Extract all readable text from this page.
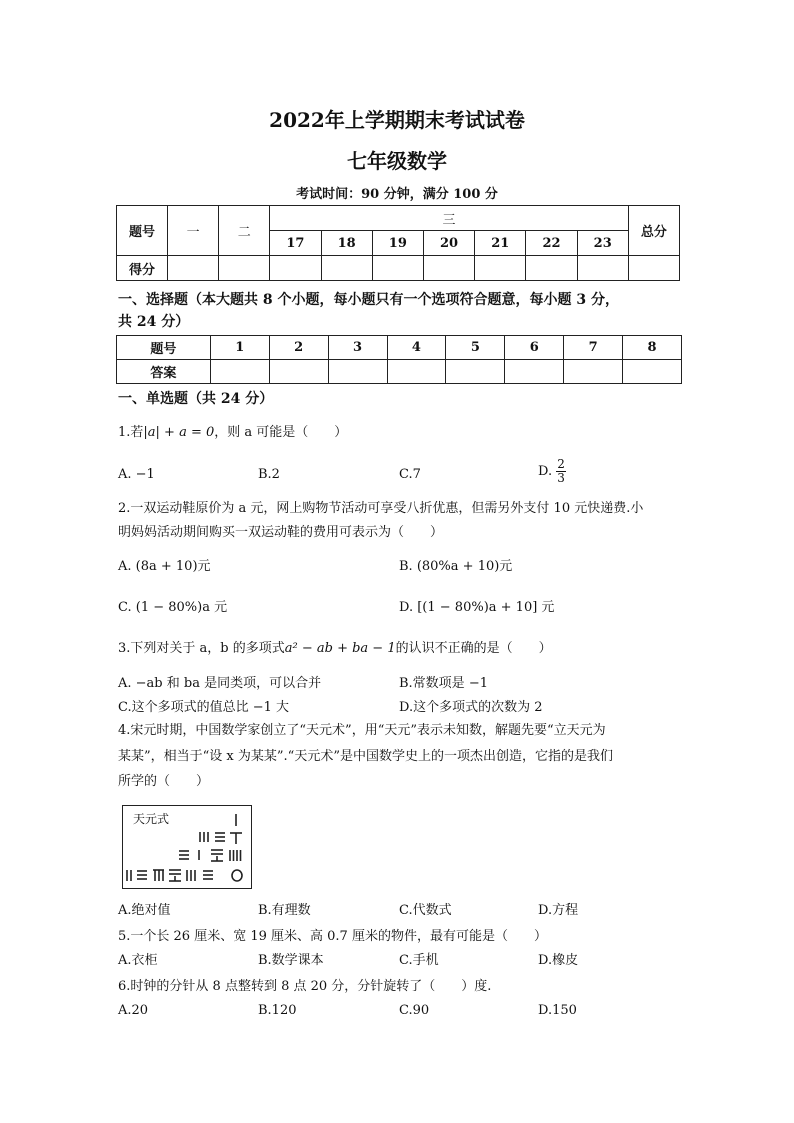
2022年上学期期末考试试卷
七年级数学
考试时间：90 分钟，满分 100 分
题号	一	二	三							总分
			17	18	19	20	21	22	23	
得分										
一、选择题（本大题共 8 个小题，每小题只有一个选项符合题意，每小题 3 分，
共 24 分）
题号	1	2	3	4	5	6	7	8
答案								
一、单选题（共 24 分）
1.若|a| + a = 0，则 a 可能是（　　）
A. −1	B.2	C.7	D. $\frac{2}{3}$
2.一双运动鞋原价为 a 元，网上购物节活动可享受八折优惠，但需另外支付 10 元快递费.小
明妈妈活动期间购买一双运动鞋的费用可表示为（　　）
A. (8a + 10)元	B. (80%a + 10)元
C. (1 − 80%)a 元	D. [(1 − 80%)a + 10] 元
3.下列对关于 a，b 的多项式a² − ab + ba − 1的认识不正确的是（　　）
A. −ab 和 ba 是同类项，可以合并	B.常数项是 −1
C.这个多项式的值总比 −1 大	D.这个多项式的次数为 2
4.宋元时期，中国数学家创立了“天元术”，用“天元”表示未知数，解题先要“立天元为
某某”，相当于“设 x 为某某”.“天元术”是中国数学史上的一项杰出创造，它指的是我们
所学的（　　）
天元式
A.绝对值	B.有理数	C.代数式	D.方程
5.一个长 26 厘米、宽 19 厘米、高 0.7 厘米的物件，最有可能是（　　）
A.衣柜	B.数学课本	C.手机	D.橡皮
6.时钟的分针从 8 点整转到 8 点 20 分，分针旋转了（　　）度.
A.20	B.120	C.90	D.150
